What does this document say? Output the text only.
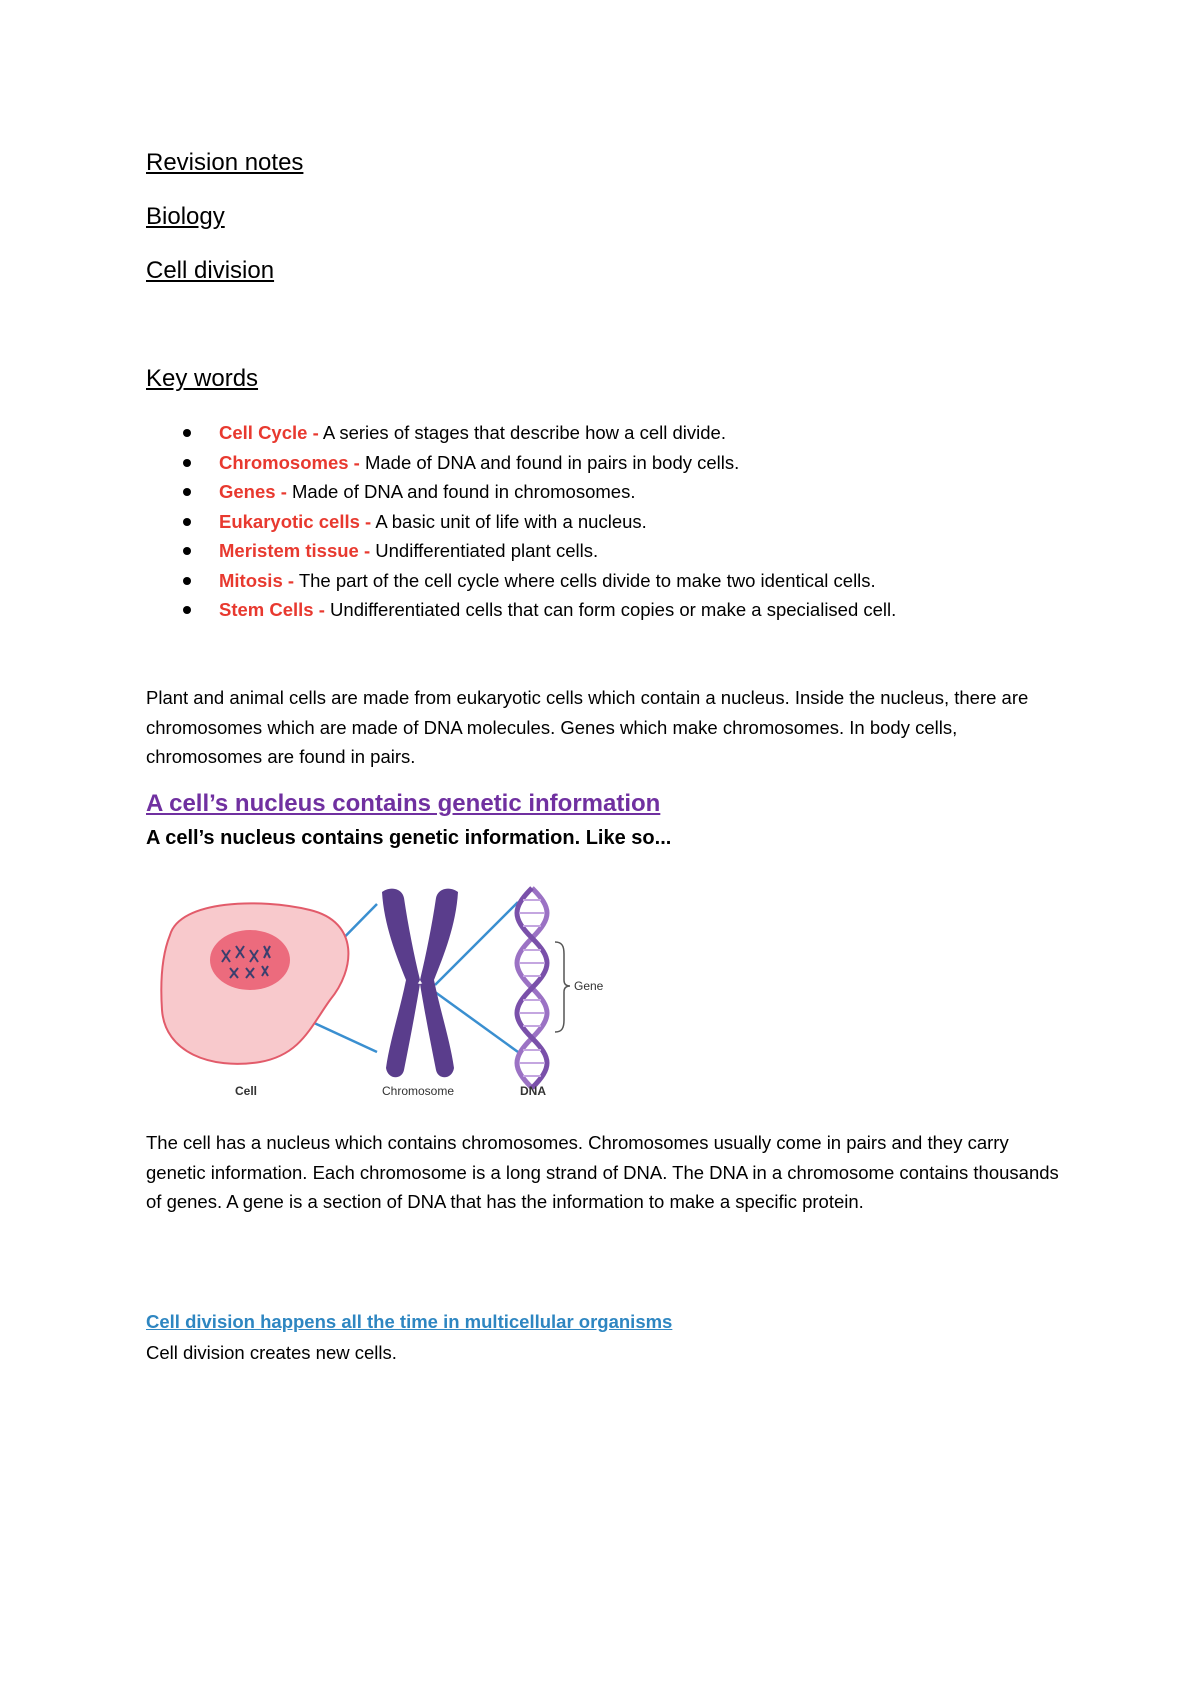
Revision notes
Biology
Cell division
Key words
Cell Cycle - A series of stages that describe how a cell divide.
Chromosomes - Made of DNA and found in pairs in body cells.
Genes - Made of DNA and found in chromosomes.
Eukaryotic cells - A basic unit of life with a nucleus.
Meristem tissue - Undifferentiated plant cells.
Mitosis - The part of the cell cycle where cells divide to make two identical cells.
Stem Cells - Undifferentiated cells that can form copies or make a specialised cell.

Plant and animal cells are made from eukaryotic cells which contain a nucleus. Inside the nucleus, there are chromosomes which are made of DNA molecules. Genes which make chromosomes. In body cells, chromosomes are found in pairs.

A cell’s nucleus contains genetic information

A cell’s nucleus contains genetic information. Like so...

Gene
Cell	Chromosome	DNA

The cell has a nucleus which contains chromosomes. Chromosomes usually come in pairs and they carry genetic information. Each chromosome is a long strand of DNA. The DNA in a chromosome contains thousands of genes. A gene is a section of DNA that has the information to make a specific protein.

Cell division happens all the time in multicellular organisms

Cell division creates new cells.
